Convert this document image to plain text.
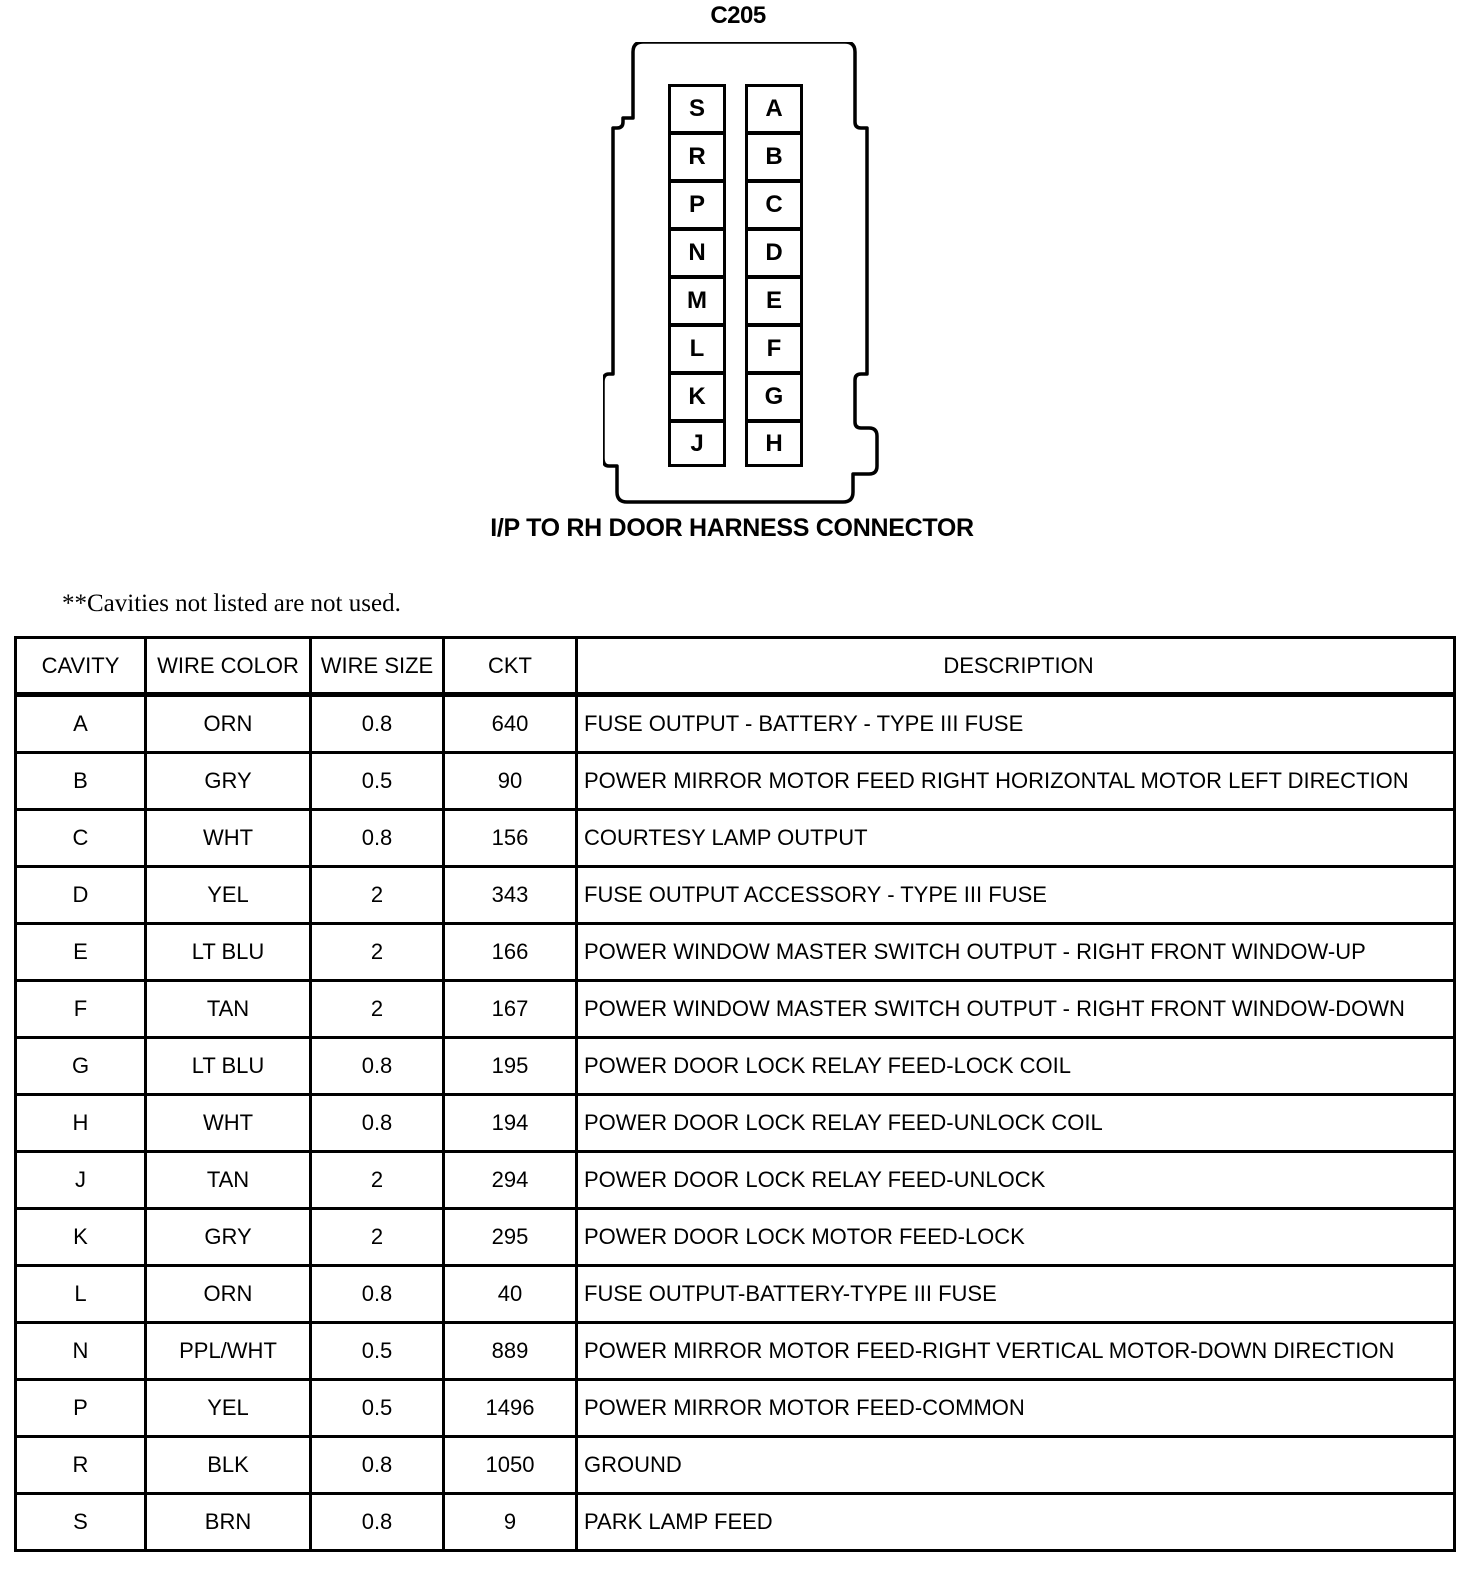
C205
S
R
P
N
M
L
K
J
A
B
C
D
E
F
G
H
I/P TO RH DOOR HARNESS CONNECTOR
**Cavities not listed are not used.
CAVITY	WIRE COLOR	WIRE SIZE	CKT	DESCRIPTION
A	ORN	0.8	640	FUSE OUTPUT - BATTERY - TYPE III FUSE
B	GRY	0.5	90	POWER MIRROR MOTOR FEED RIGHT HORIZONTAL MOTOR LEFT DIRECTION
C	WHT	0.8	156	COURTESY LAMP OUTPUT
D	YEL	2	343	FUSE OUTPUT ACCESSORY - TYPE III FUSE
E	LT BLU	2	166	POWER WINDOW MASTER SWITCH OUTPUT - RIGHT FRONT WINDOW-UP
F	TAN	2	167	POWER WINDOW MASTER SWITCH OUTPUT - RIGHT FRONT WINDOW-DOWN
G	LT BLU	0.8	195	POWER DOOR LOCK RELAY FEED-LOCK COIL
H	WHT	0.8	194	POWER DOOR LOCK RELAY FEED-UNLOCK COIL
J	TAN	2	294	POWER DOOR LOCK RELAY FEED-UNLOCK
K	GRY	2	295	POWER DOOR LOCK MOTOR FEED-LOCK
L	ORN	0.8	40	FUSE OUTPUT-BATTERY-TYPE III FUSE
N	PPL/WHT	0.5	889	POWER MIRROR MOTOR FEED-RIGHT VERTICAL MOTOR-DOWN DIRECTION
P	YEL	0.5	1496	POWER MIRROR MOTOR FEED-COMMON
R	BLK	0.8	1050	GROUND
S	BRN	0.8	9	PARK LAMP FEED
